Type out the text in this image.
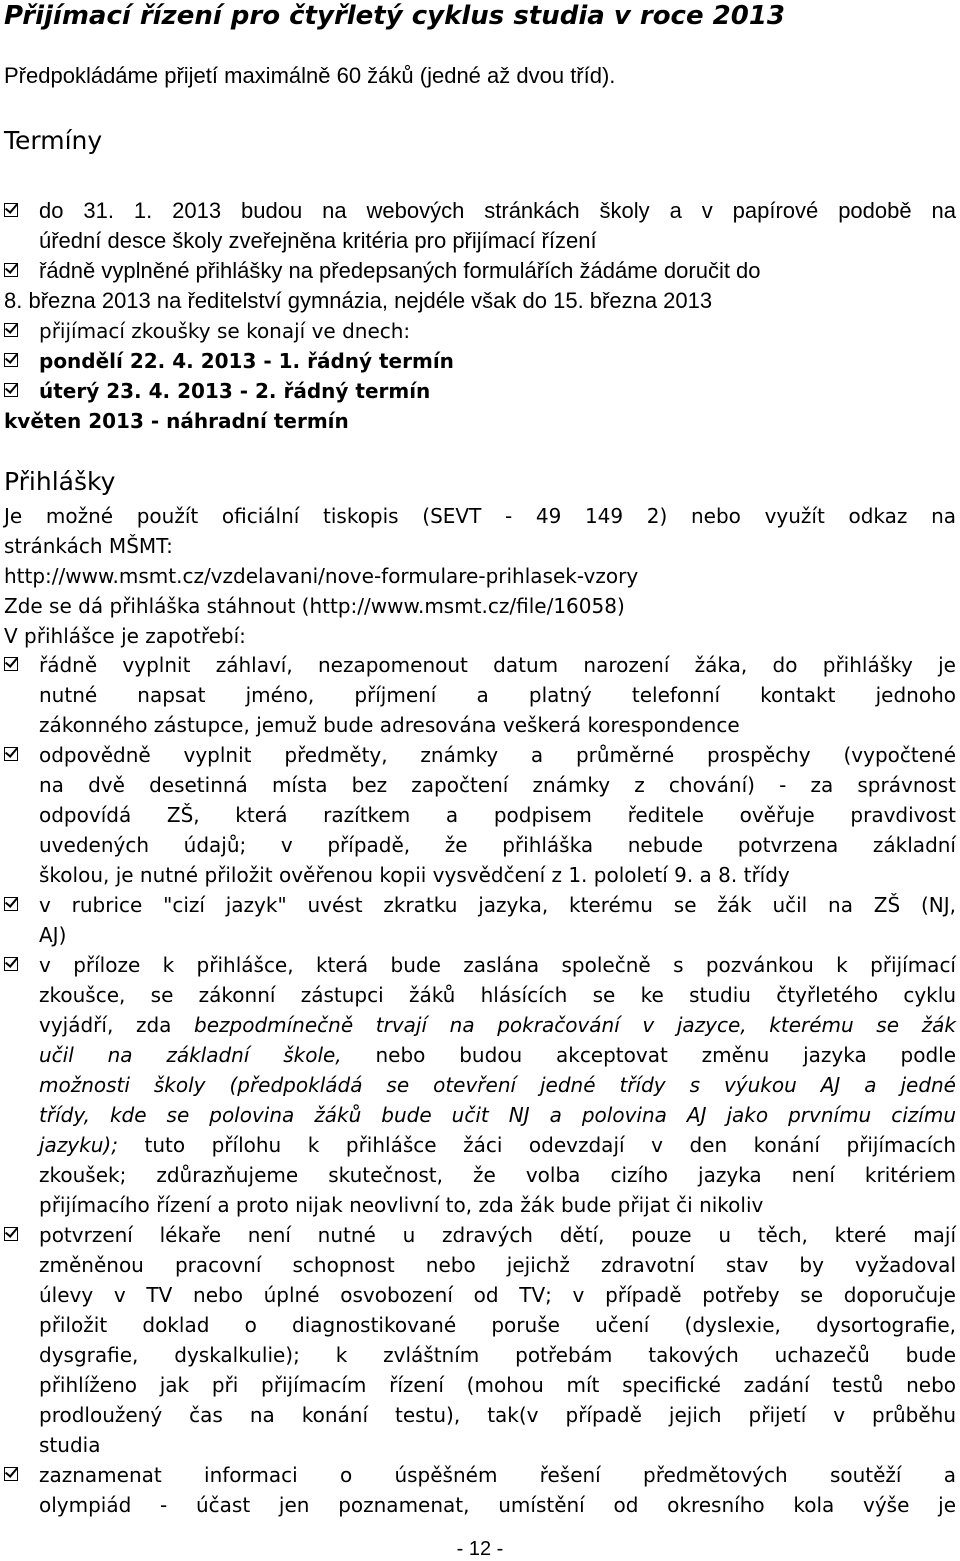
Přijímací řízení pro čtyřletý cyklus studia v roce 2013
Předpokládáme přijetí maximálně 60 žáků (jedné až dvou tříd).
Termíny
do 31. 1. 2013 budou na webových stránkách školy a v papírové podobě na
úřední desce školy zveřejněna kritéria pro přijímací řízení
řádně vyplněné přihlášky na předepsaných formulářích žádáme doručit do
8. března 2013 na ředitelství gymnázia, nejdéle však do 15. března 2013
přijímací zkoušky se konají ve dnech:
pondělí 22. 4. 2013 - 1. řádný termín
úterý 23. 4. 2013 - 2. řádný termín
květen 2013 - náhradní termín
Přihlášky
Je možné použít oficiální tiskopis (SEVT - 49 149 2) nebo využít odkaz na
stránkách MŠMT:
http://www.msmt.cz/vzdelavani/nove-formulare-prihlasek-vzory
Zde se dá přihláška stáhnout (http://www.msmt.cz/file/16058)
V přihlášce je zapotřebí:
řádně vyplnit záhlaví, nezapomenout datum narození žáka, do přihlášky je
nutné napsat jméno, příjmení a platný telefonní kontakt jednoho
zákonného zástupce, jemuž bude adresována veškerá korespondence
odpovědně vyplnit předměty, známky a průměrné prospěchy (vypočtené
na dvě desetinná místa bez započtení známky z chování) - za správnost
odpovídá ZŠ, která razítkem a podpisem ředitele ověřuje pravdivost
uvedených údajů; v případě, že přihláška nebude potvrzena základní
školou, je nutné přiložit ověřenou kopii vysvědčení z 1. pololetí 9. a 8. třídy
v rubrice "cizí jazyk" uvést zkratku jazyka, kterému se žák učil na ZŠ (NJ,
AJ)
v příloze k přihlášce, která bude zaslána společně s pozvánkou k přijímací
zkoušce, se zákonní zástupci žáků hlásících se ke studiu čtyřletého cyklu
vyjádří, zda bezpodmínečně trvají na pokračování v jazyce, kterému se žák
učil na základní škole, nebo budou akceptovat změnu jazyka podle
možnosti školy (předpokládá se otevření jedné třídy s výukou AJ a jedné
třídy, kde se polovina žáků bude učit NJ a polovina AJ jako prvnímu cizímu
jazyku); tuto přílohu k přihlášce žáci odevzdají v den konání přijímacích
zkoušek; zdůrazňujeme skutečnost, že volba cizího jazyka není kritériem
přijímacího řízení a proto nijak neovlivní to, zda žák bude přijat či nikoliv
potvrzení lékaře není nutné u zdravých dětí, pouze u těch, které mají
změněnou pracovní schopnost nebo jejichž zdravotní stav by vyžadoval
úlevy v TV nebo úplné osvobození od TV; v případě potřeby se doporučuje
přiložit doklad o diagnostikované poruše učení (dyslexie, dysortografie,
dysgrafie, dyskalkulie); k zvláštním potřebám takových uchazečů bude
přihlíženo jak při přijímacím řízení (mohou mít specifické zadání testů nebo
prodloužený čas na konání testu), tak(v případě jejich přijetí v průběhu
studia
zaznamenat informaci o úspěšném řešení předmětových soutěží a
olympiád - účast jen poznamenat, umístění od okresního kola výše je
- 12 -
